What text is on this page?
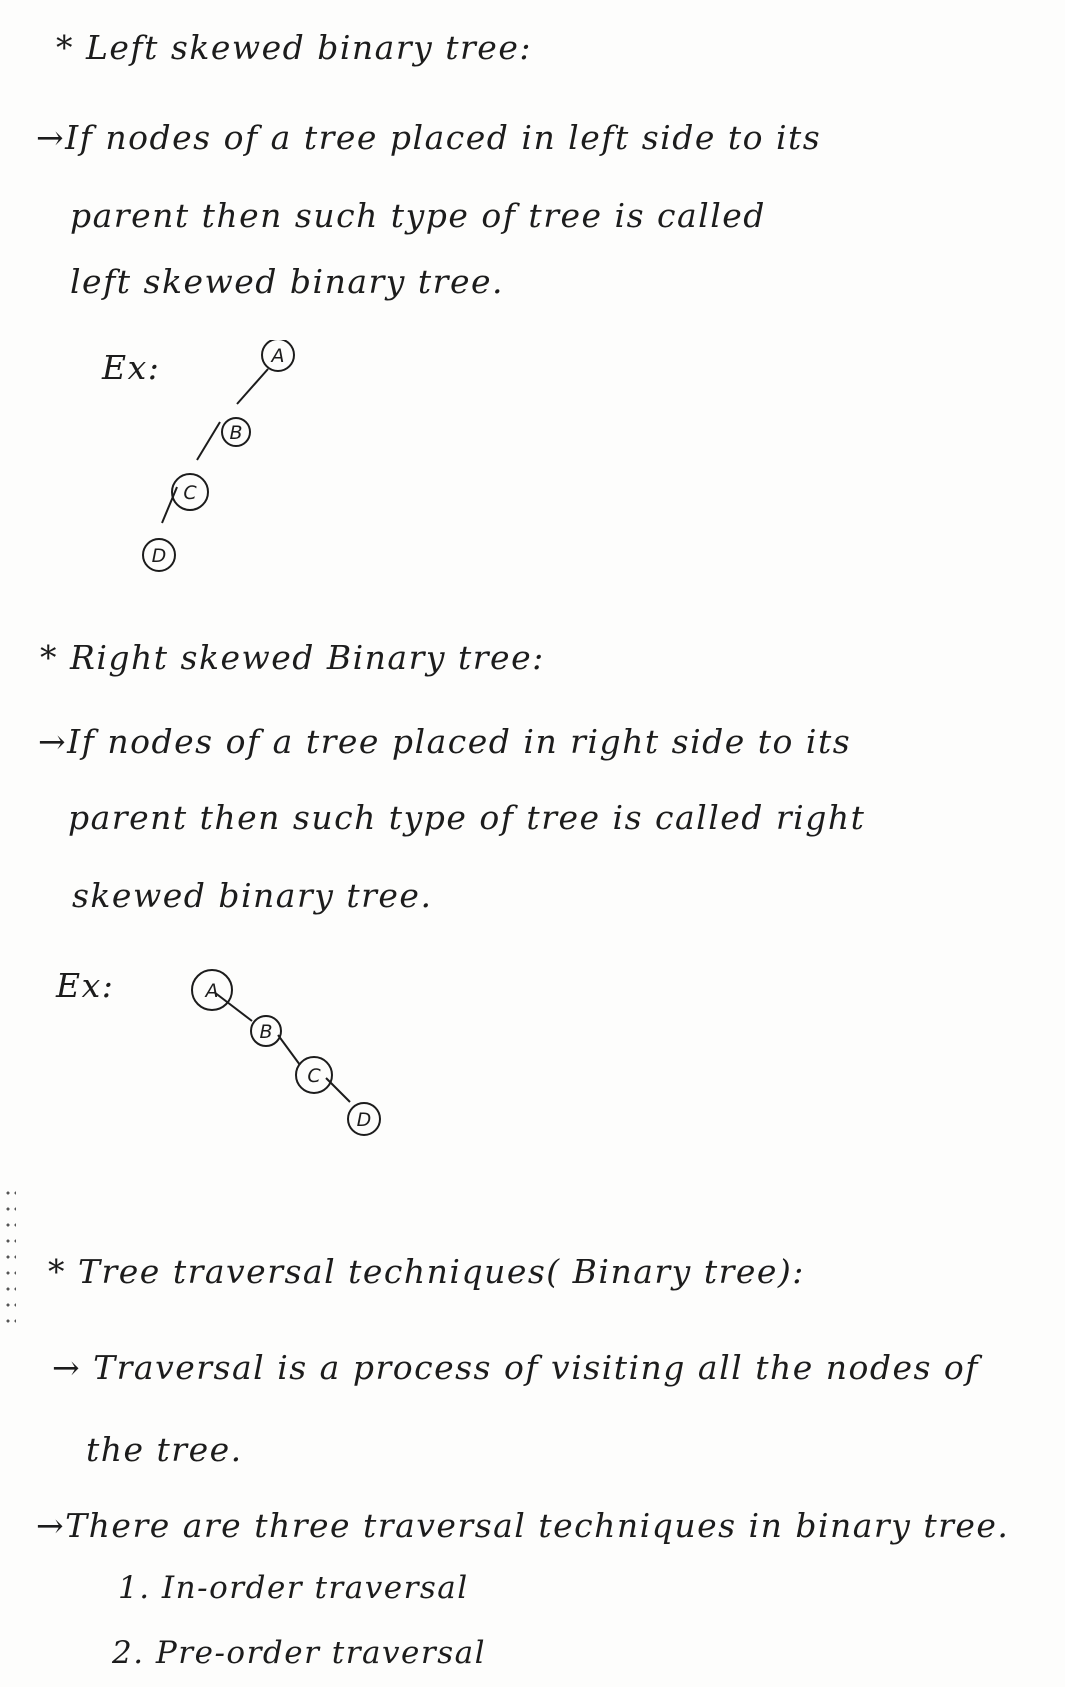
* Left skewed binary tree:
→If nodes of a tree placed in left side to its
parent then such type of tree is called
left skewed binary tree.
Ex:	A
B
C
D
* Right skewed Binary tree:
→If nodes of a tree placed in right side to its
parent then such type of tree is called right
skewed binary tree.
Ex:	A
B
C
D
* Tree traversal techniques( Binary tree):
→ Traversal is a process of visiting all the nodes of
the tree.
→There are three traversal techniques in binary tree.
1. In-order traversal
2. Pre-order traversal
